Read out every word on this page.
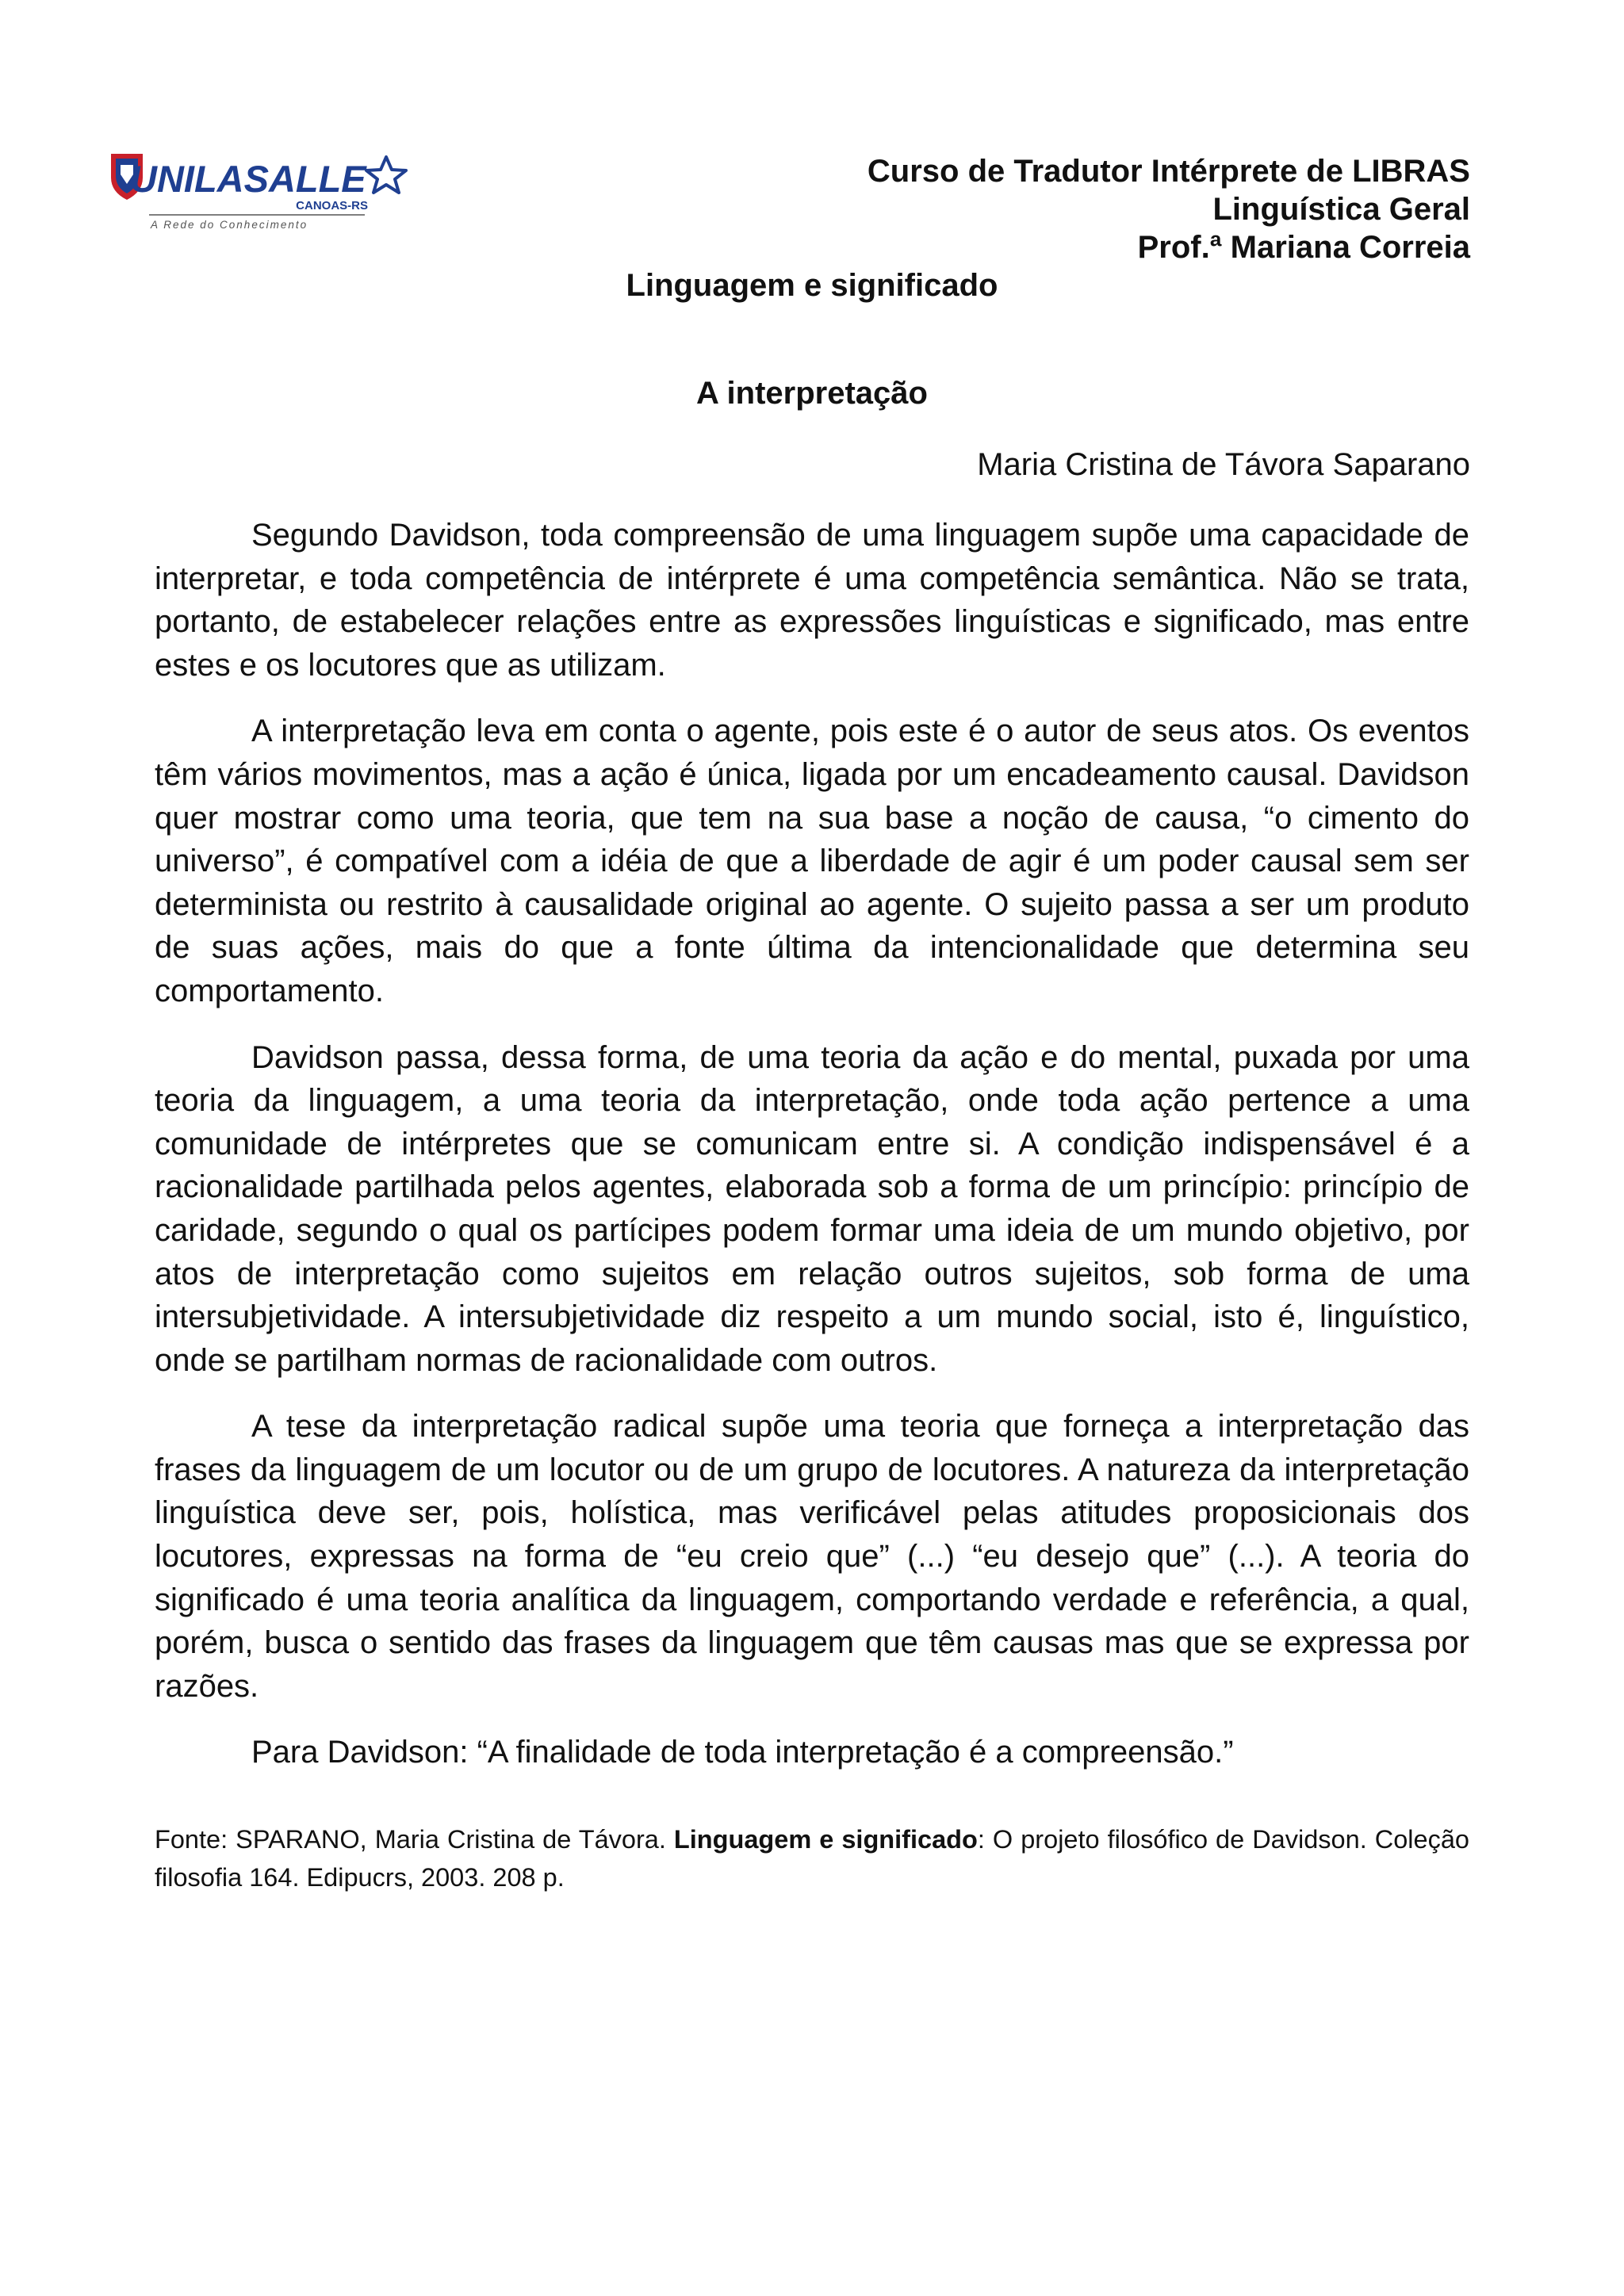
UNILASALLE
CANOAS-RS
A Rede do Conhecimento
Curso de Tradutor Intérprete de LIBRAS
Linguística Geral
Prof.ª Mariana Correia
Linguagem e significado
A interpretação
Maria Cristina de Távora Saparano

Segundo Davidson, toda compreensão de uma linguagem supõe uma capacidade de interpretar, e toda competência de intérprete é uma competência semântica. Não se trata, portanto, de estabelecer relações entre as expressões linguísticas e significado, mas entre estes e os locutores que as utilizam.

A interpretação leva em conta o agente, pois este é o autor de seus atos. Os eventos têm vários movimentos, mas a ação é única, ligada por um encadeamento causal. Davidson quer mostrar como uma teoria, que tem na sua base a noção de causa, “o cimento do universo”, é compatível com a idéia de que a liberdade de agir é um poder causal sem ser determinista ou restrito à causalidade original ao agente. O sujeito passa a ser um produto de suas ações, mais do que a fonte última da intencionalidade que determina seu comportamento.

Davidson passa, dessa forma, de uma teoria da ação e do mental, puxada por uma teoria da linguagem, a uma teoria da interpretação, onde toda ação pertence a uma comunidade de intérpretes que se comunicam entre si. A condição indispensável é a racionalidade partilhada pelos agentes, elaborada sob a forma de um princípio: princípio de caridade, segundo o qual os partícipes podem formar uma ideia de um mundo objetivo, por atos de interpretação como sujeitos em relação outros sujeitos, sob forma de uma intersubjetividade. A intersubjetividade diz respeito a um mundo social, isto é, linguístico, onde se partilham normas de racionalidade com outros.

A tese da interpretação radical supõe uma teoria que forneça a interpretação das frases da linguagem de um locutor ou de um grupo de locutores. A natureza da interpretação linguística deve ser, pois, holística, mas verificável pelas atitudes proposicionais dos locutores, expressas na forma de “eu creio que” (...) “eu desejo que” (...). A teoria do significado é uma teoria analítica da linguagem, comportando verdade e referência, a qual, porém, busca o sentido das frases da linguagem que têm causas mas que se expressa por razões.

Para Davidson: “A finalidade de toda interpretação é a compreensão.”

Fonte: SPARANO, Maria Cristina de Távora. Linguagem e significado: O projeto filosófico de Davidson. Coleção filosofia 164. Edipucrs, 2003. 208 p.
